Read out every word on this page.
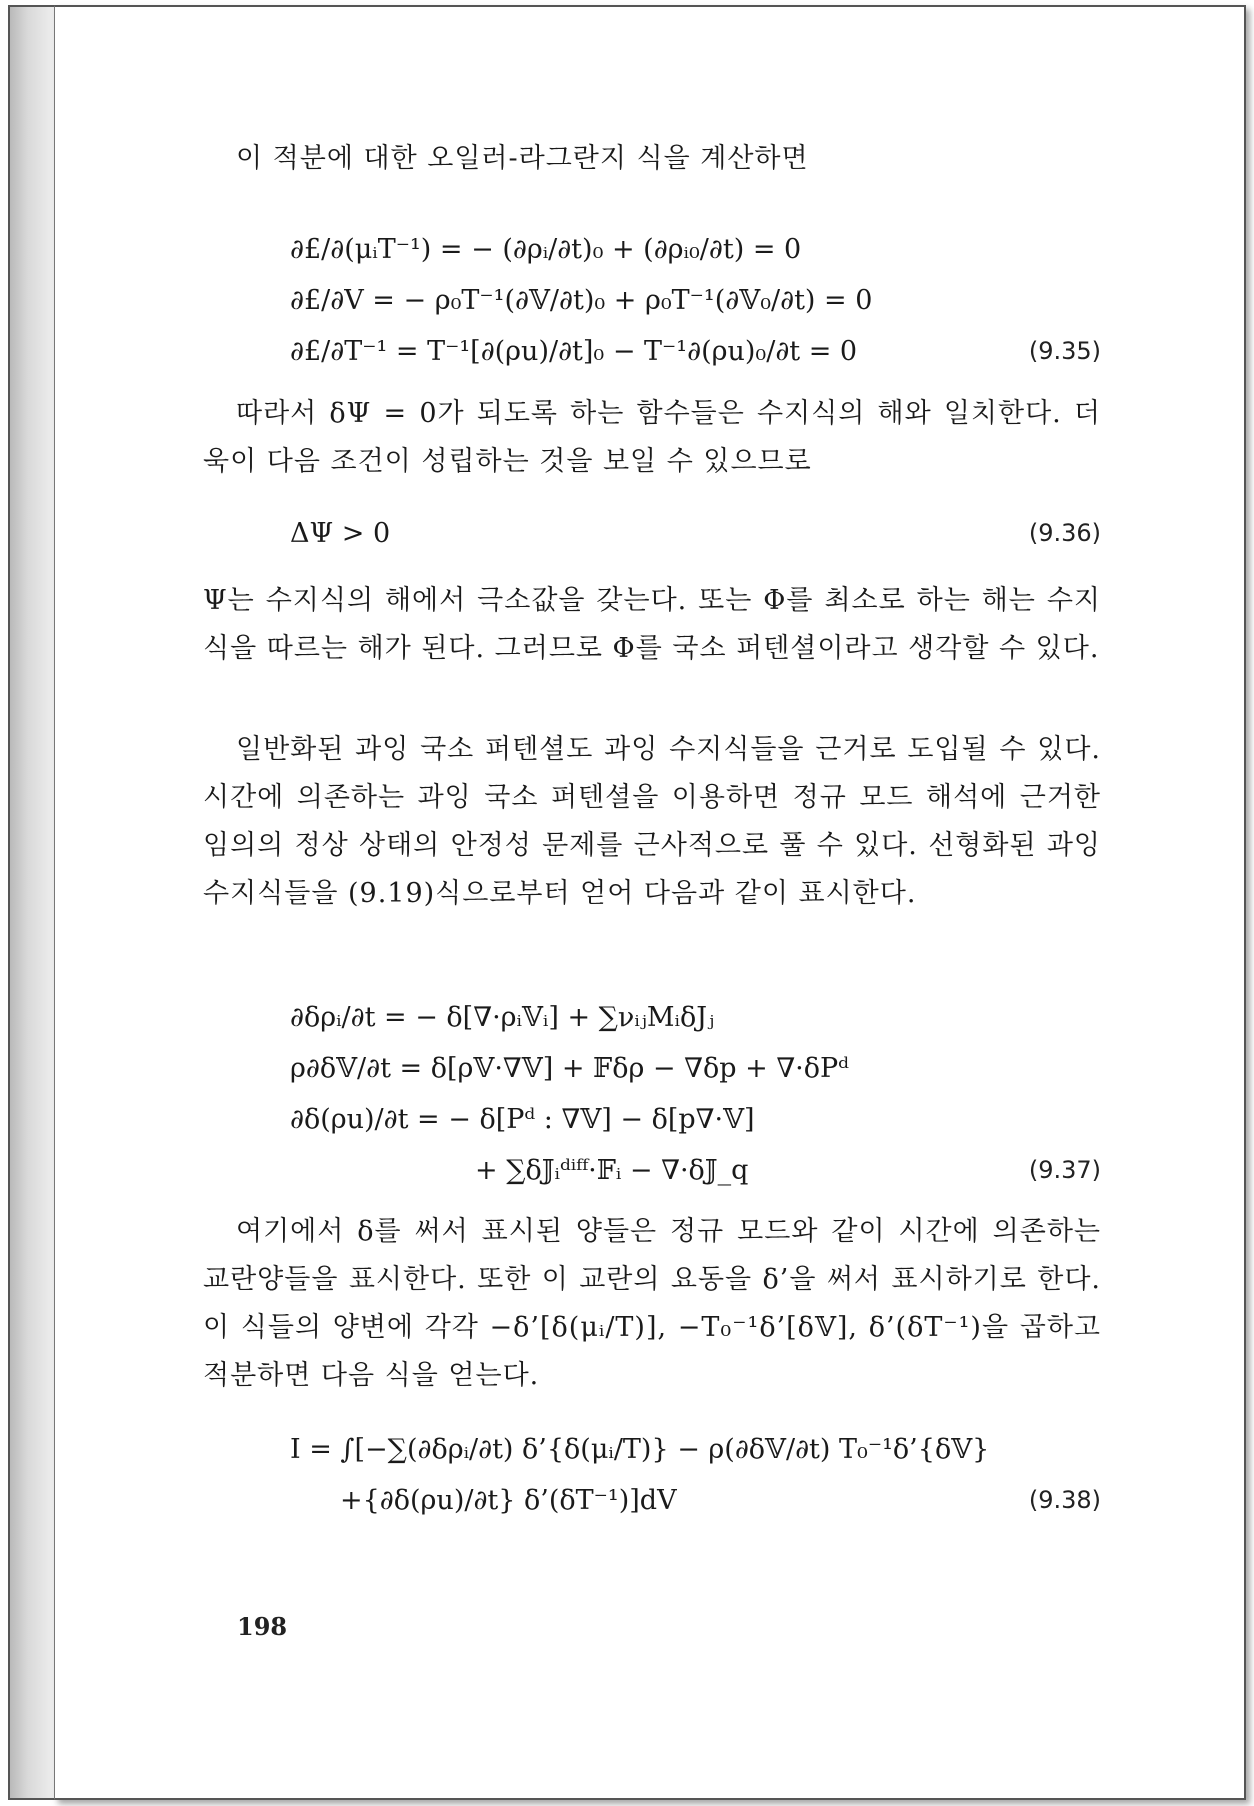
이 적분에 대한 오일러-라그란지 식을 계산하면

∂£/∂(μᵢT⁻¹) = − (∂ρᵢ/∂t)₀ + (∂ρᵢ₀/∂t) = 0
∂£/∂V = − ρ₀T⁻¹(∂𝕍/∂t)₀ + ρ₀T⁻¹(∂𝕍₀/∂t) = 0
∂£/∂T⁻¹ = T⁻¹[∂(ρu)/∂t]₀ − T⁻¹∂(ρu)₀/∂t = 0	(9.35)

따라서 δΨ = 0가 되도록 하는 함수들은 수지식의 해와 일치한다. 더욱이 다음 조건이 성립하는 것을 보일 수 있으므로

ΔΨ > 0	(9.36)

Ψ는 수지식의 해에서 극소값을 갖는다. 또는 Φ를 최소로 하는 해는 수지식을 따르는 해가 된다. 그러므로 Φ를 국소 퍼텐셜이라고 생각할 수 있다.

일반화된 과잉 국소 퍼텐셜도 과잉 수지식들을 근거로 도입될 수 있다. 시간에 의존하는 과잉 국소 퍼텐셜을 이용하면 정규 모드 해석에 근거한 임의의 정상 상태의 안정성 문제를 근사적으로 풀 수 있다. 선형화된 과잉 수지식들을 (9.19)식으로부터 얻어 다음과 같이 표시한다.

∂δρᵢ/∂t = − δ[∇·ρᵢ𝕍ᵢ] + ∑νᵢⱼMᵢδJⱼ
ρ∂δ𝕍/∂t = δ[ρ𝕍·∇𝕍] + 𝔽δρ − ∇δp + ∇·δPᵈ
∂δ(ρu)/∂t = − δ[Pᵈ : ∇𝕍] − δ[p∇·𝕍]
+ ∑δ𝕁ᵢᵈⁱᶠᶠ·𝔽ᵢ − ∇·δ𝕁_q	(9.37)

여기에서 δ를 써서 표시된 양들은 정규 모드와 같이 시간에 의존하는 교란양들을 표시한다. 또한 이 교란의 요동을 δ’을 써서 표시하기로 한다. 이 식들의 양변에 각각 −δ’[δ(μᵢ/T)], −T₀⁻¹δ’[δ𝕍], δ’(δT⁻¹)을 곱하고 적분하면 다음 식을 얻는다.

I = ∫[−∑(∂δρᵢ/∂t) δ’{δ(μᵢ/T)} − ρ(∂δ𝕍/∂t) T₀⁻¹δ’{δ𝕍}
+{∂δ(ρu)/∂t} δ’(δT⁻¹)]dV	(9.38)
198
